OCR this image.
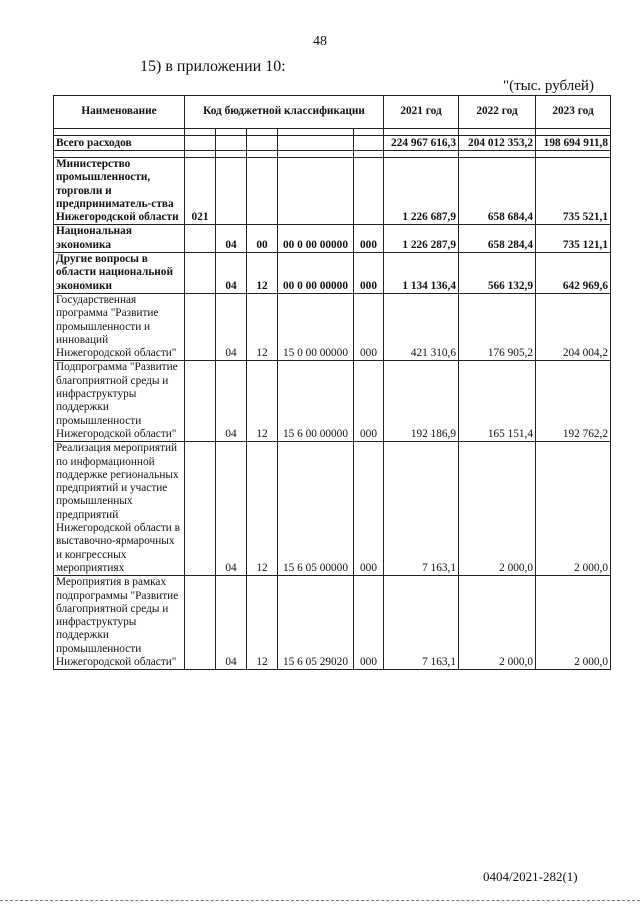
48
15) в приложении 10:
"(тыс. рублей)
Наименование	Код бюджетной классификации					2021 год	2022 год	2023 год

Всего расходов						224 967 616,3	204 012 353,2	198 694 911,8

Министерство промышленности, торговли и предприниматель-ства Нижегородской области	021					1 226 687,9	658 684,4	735 521,1
Национальная экономика		04	00	00 0 00 00000	000	1 226 287,9	658 284,4	735 121,1
Другие вопросы в области национальной экономики		04	12	00 0 00 00000	000	1 134 136,4	566 132,9	642 969,6
Государственная программа "Развитие промышленности и инноваций Нижегородской области"		04	12	15 0 00 00000	000	421 310,6	176 905,2	204 004,2
Подпрограмма "Развитие благоприятной среды и инфраструктуры поддержки промышленности Нижегородской области"		04	12	15 6 00 00000	000	192 186,9	165 151,4	192 762,2
Реализация мероприятий по информационной поддержке региональных предприятий и участие промышленных предприятий Нижегородской области в выставочно-ярмарочных и конгрессных мероприятиях		04	12	15 6 05 00000	000	7 163,1	2 000,0	2 000,0
Мероприятия в рамках подпрограммы "Развитие благоприятной среды и инфраструктуры поддержки промышленности Нижегородской области"		04	12	15 6 05 29020	000	7 163,1	2 000,0	2 000,0
0404/2021-282(1)
